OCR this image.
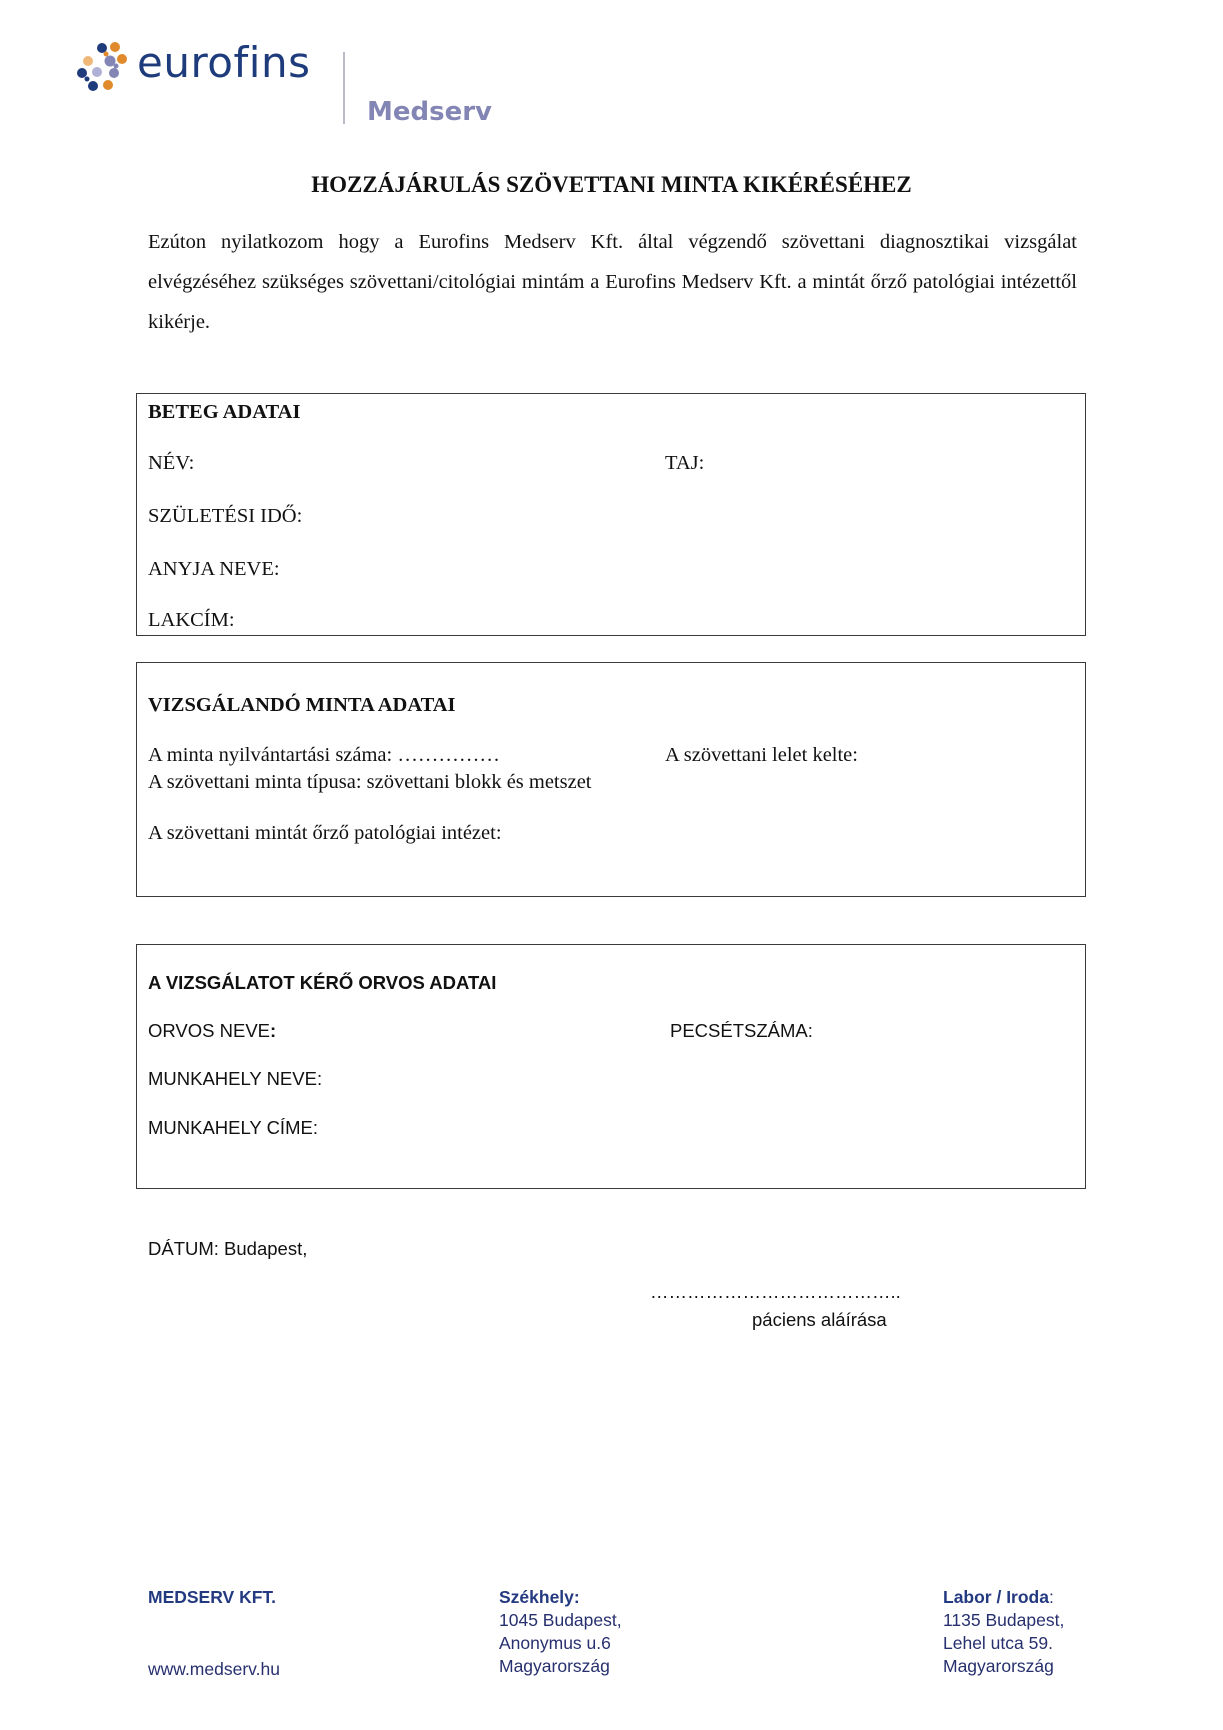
eurofins
Medserv
HOZZÁJÁRULÁS SZÖVETTANI MINTA KIKÉRÉSÉHEZ
Ezúton nyilatkozom hogy a Eurofins Medserv Kft. által végzendő szövettani diagnosztikai vizsgálat elvégzéséhez szükséges szövettani/citológiai mintám a Eurofins Medserv Kft. a mintát őrző patológiai intézettől kikérje.
BETEG ADATAI
NÉV:	TAJ:
SZÜLETÉSI IDŐ:
ANYJA NEVE:
LAKCÍM:
VIZSGÁLANDÓ MINTA ADATAI
A minta nyilvántartási száma: ……………	A szövettani lelet kelte:
A szövettani minta típusa: szövettani blokk és metszet
A szövettani mintát őrző patológiai intézet:
A VIZSGÁLATOT KÉRŐ ORVOS ADATAI
ORVOS NEVE:	PECSÉTSZÁMA:
MUNKAHELY NEVE:
MUNKAHELY CÍME:
DÁTUM: Budapest,
…………………………………..
páciens aláírása
MEDSERV KFT.
www.medserv.hu
Székhely:
1045 Budapest,
Anonymus u.6
Magyarország
Labor / Iroda:
1135 Budapest,
Lehel utca 59.
Magyarország
